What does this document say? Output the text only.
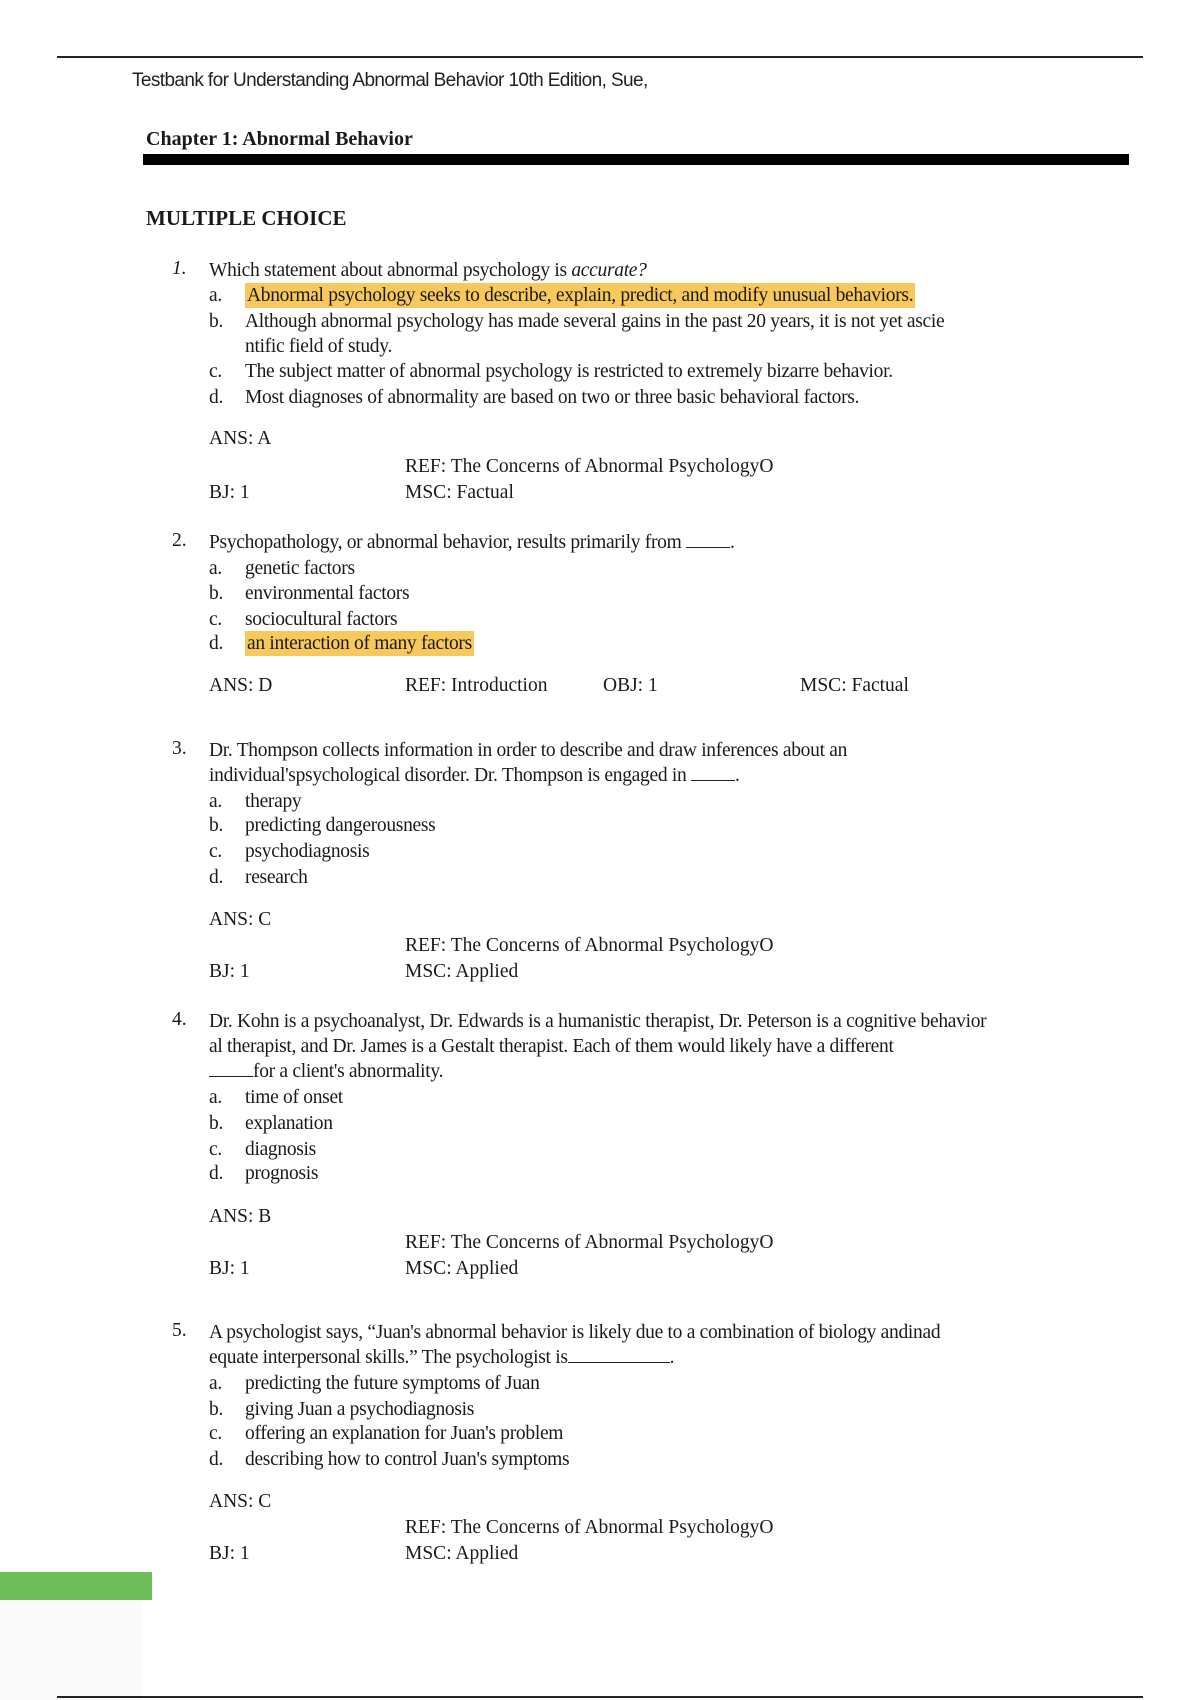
Testbank for Understanding Abnormal Behavior 10th Edition, Sue,
Chapter 1: Abnormal Behavior
MULTIPLE CHOICE
1. Which statement about abnormal psychology is accurate?
a. Abnormal psychology seeks to describe, explain, predict, and modify unusual behaviors.
b. Although abnormal psychology has made several gains in the past 20 years, it is not yet ascie
ntific field of study.
c. The subject matter of abnormal psychology is restricted to extremely bizarre behavior.
d. Most diagnoses of abnormality are based on two or three basic behavioral factors.
ANS: A
REF: The Concerns of Abnormal PsychologyO
BJ: 1	MSC: Factual
2. Psychopathology, or abnormal behavior, results primarily from .
a. genetic factors
b. environmental factors
c. sociocultural factors
d. an interaction of many factors
ANS: D	REF: Introduction	OBJ: 1	MSC: Factual
3. Dr. Thompson collects information in order to describe and draw inferences about an
individual'spsychological disorder. Dr. Thompson is engaged in .
a. therapy
b. predicting dangerousness
c. psychodiagnosis
d. research
ANS: C
REF: The Concerns of Abnormal PsychologyO
BJ: 1	MSC: Applied
4. Dr. Kohn is a psychoanalyst, Dr. Edwards is a humanistic therapist, Dr. Peterson is a cognitive behavior
al therapist, and Dr. James is a Gestalt therapist. Each of them would likely have a different
for a client's abnormality.
a. time of onset
b. explanation
c. diagnosis
d. prognosis
ANS: B
REF: The Concerns of Abnormal PsychologyO
BJ: 1	MSC: Applied
5. A psychologist says, “Juan's abnormal behavior is likely due to a combination of biology andinad
equate interpersonal skills.” The psychologist is	.
a. predicting the future symptoms of Juan
b. giving Juan a psychodiagnosis
c. offering an explanation for Juan's problem
d. describing how to control Juan's symptoms
ANS: C
REF: The Concerns of Abnormal PsychologyO
BJ: 1	MSC: Applied
